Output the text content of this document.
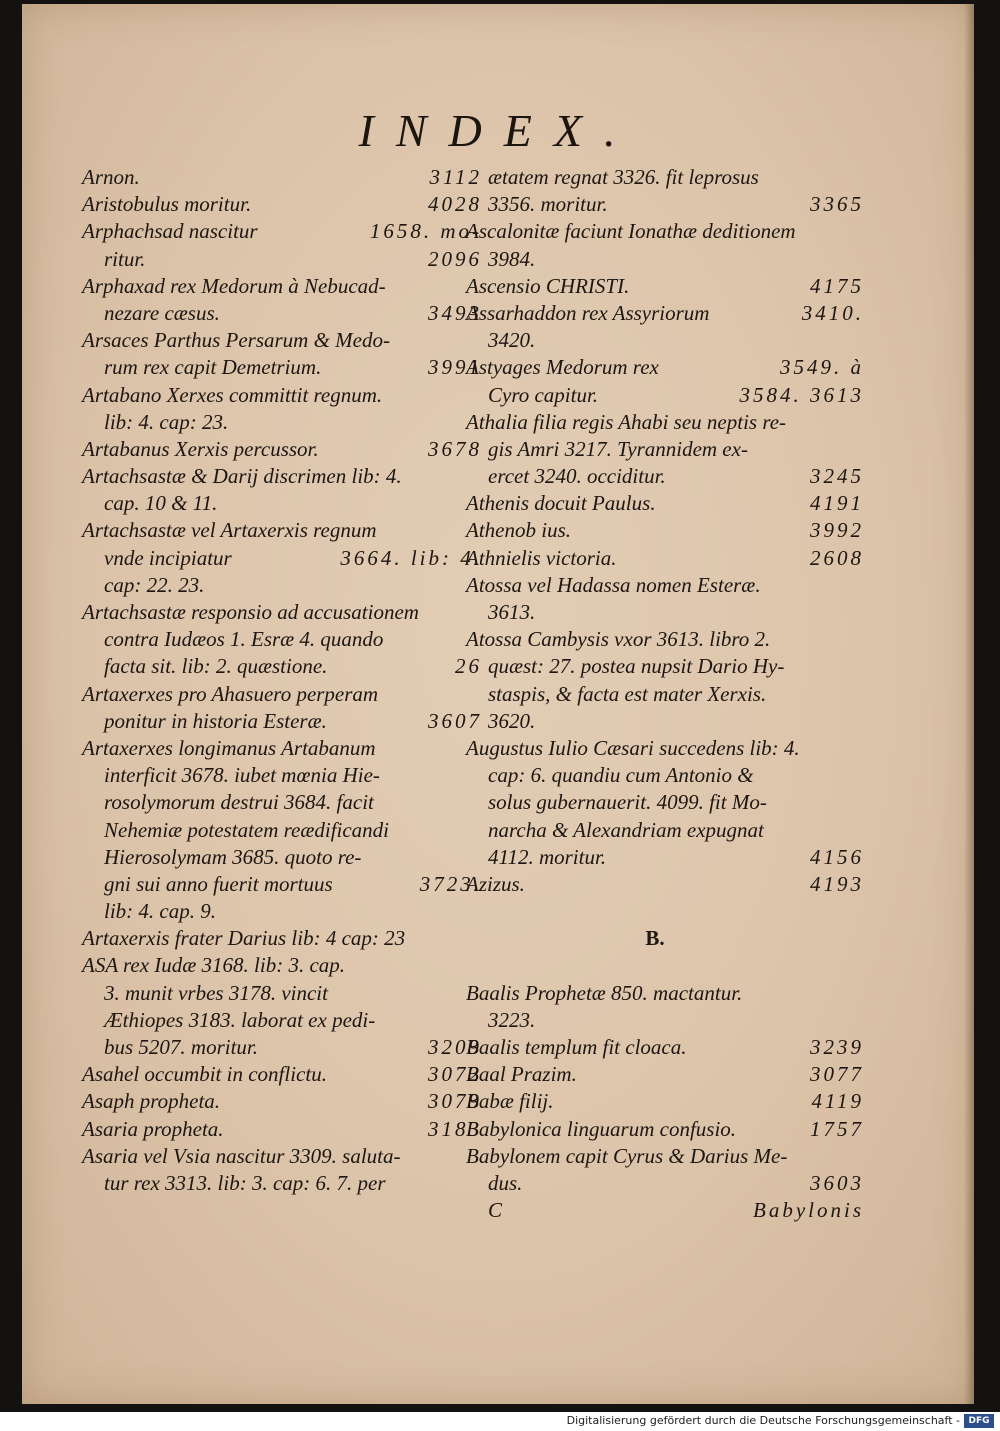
INDEX.
Arnon.	3112
Aristobulus moritur.	4028
Arphachsad nascitur	1658. mo-
ritur.	2096
Arphaxad rex Medorum à Nebucad-
nezare cæsus.	3493
Arsaces Parthus Persarum & Medo-
rum rex capit Demetrium.	3991
Artabano Xerxes committit regnum.
lib: 4. cap: 23.
Artabanus Xerxis percussor.	3678
Artachsastæ & Darij discrimen lib: 4.
cap. 10 & 11.
Artachsastæ vel Artaxerxis regnum
vnde incipiatur	3664. lib: 4.
cap: 22. 23.
Artachsastæ responsio ad accusationem
contra Iudæos 1. Esræ 4. quando
facta sit. lib: 2. quæstione.	26
Artaxerxes pro Ahasuero perperam
ponitur in historia Esteræ.	3607
Artaxerxes longimanus Artabanum
interficit 3678. iubet mœnia Hie-
rosolymorum destrui 3684. facit
Nehemiæ potestatem reædificandi
Hierosolymam 3685. quoto re-
gni sui anno fuerit mortuus	3723.
lib: 4. cap. 9.
Artaxerxis frater Darius lib: 4 cap: 23
ASA rex Iudæ 3168. lib: 3. cap.
3. munit vrbes 3178. vincit
Æthiopes 3183. laborat ex pedi-
bus 5207. moritur.	3209
Asahel occumbit in conflictu.	3072
Asaph propheta.	3079
Asaria propheta.	3183
Asaria vel Vsia nascitur 3309. saluta-
tur rex 3313. lib: 3. cap: 6. 7. per
ætatem regnat 3326. fit leprosus
3356. moritur.	3365
Ascalonitæ faciunt Ionathæ deditionem
3984.
Ascensio CHRISTI.	4175
Assarhaddon rex Assyriorum	3410.
3420.
Astyages Medorum rex	3549. à
Cyro capitur.	3584. 3613
Athalia filia regis Ahabi seu neptis re-
gis Amri 3217. Tyrannidem ex-
ercet 3240. occiditur.	3245
Athenis docuit Paulus.	4191
Athenob ius.	3992
Athnielis victoria.	2608
Atossa vel Hadassa nomen Esteræ.
3613.
Atossa Cambysis vxor 3613. libro 2.
quæst: 27. postea nupsit Dario Hy-
staspis, & facta est mater Xerxis.
3620.
Augustus Iulio Cæsari succedens lib: 4.
cap: 6. quandiu cum Antonio &
solus gubernauerit. 4099. fit Mo-
narcha & Alexandriam expugnat
4112. moritur.	4156
Azizus.	4193
B.
Baalis Prophetæ 850. mactantur.
3223.
Baalis templum fit cloaca.	3239
Baal Prazim.	3077
Babæ filij.	4119
Babylonica linguarum confusio.	1757
Babylonem capit Cyrus & Darius Me-
dus.	3603
C	Babylonis
Digitalisierung gefördert durch die Deutsche Forschungsgemeinschaft - DFG
